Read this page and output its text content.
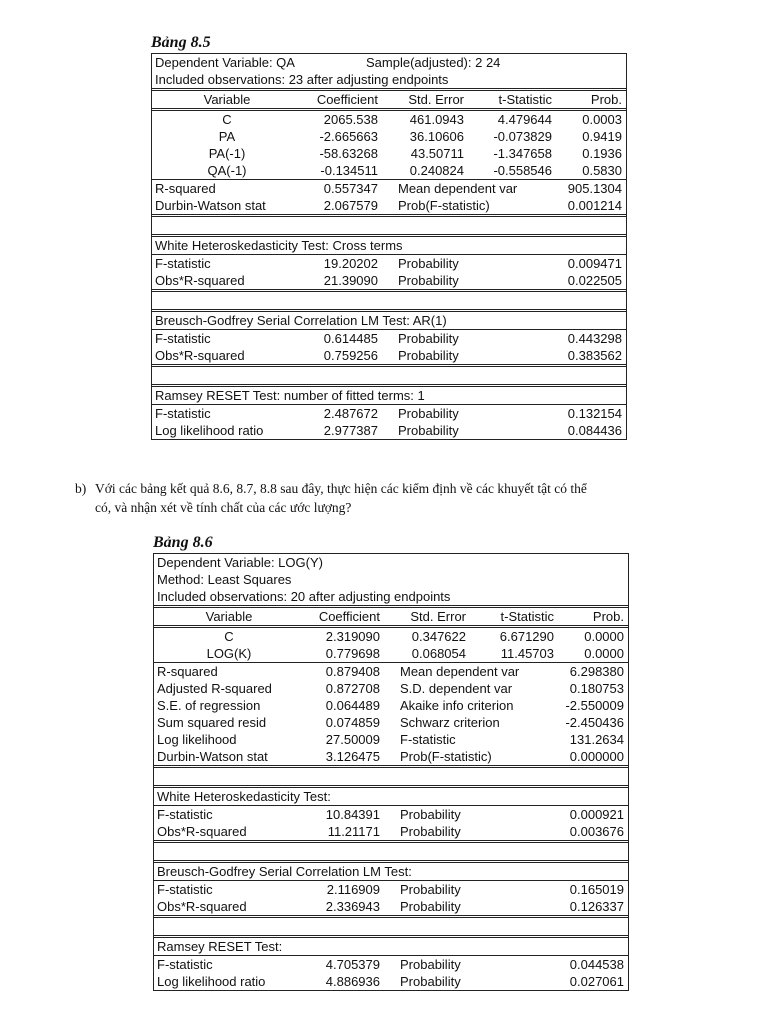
Bảng 8.5
Dependent Variable: QA	Sample(adjusted): 2 24
Included observations: 23 after adjusting endpoints
Variable	Coefficient	Std. Error	t-Statistic	Prob.
C	2065.538	461.0943	4.479644	0.0003
PA	-2.665663	36.10606	-0.073829	0.9419
PA(-1)	-58.63268	43.50711	-1.347658	0.1936
QA(-1)	-0.134511	0.240824	-0.558546	0.5830
R-squared	0.557347 Mean dependent var	905.1304
Durbin-Watson stat	2.067579 Prob(F-statistic)	0.001214
White Heteroskedasticity Test: Cross terms
F-statistic	19.20202 Probability	0.009471
Obs*R-squared	21.39090 Probability	0.022505
Breusch-Godfrey Serial Correlation LM Test: AR(1)
F-statistic	0.614485 Probability	0.443298
Obs*R-squared	0.759256 Probability	0.383562
Ramsey RESET Test: number of fitted terms: 1
F-statistic	2.487672 Probability	0.132154
Log likelihood ratio	2.977387 Probability	0.084436
b) Với các bảng kết quả 8.6, 8.7, 8.8 sau đây, thực hiện các kiểm định về các khuyết tật có thể
có, và nhận xét về tính chất của các ước lượng?
Bảng 8.6
Dependent Variable: LOG(Y)
Method: Least Squares
Included observations: 20 after adjusting endpoints
Variable	Coefficient	Std. Error	t-Statistic	Prob.
C	2.319090	0.347622	6.671290	0.0000
LOG(K)	0.779698	0.068054	11.45703	0.0000
R-squared	0.879408 Mean dependent var	6.298380
Adjusted R-squared	0.872708 S.D. dependent var	0.180753
S.E. of regression	0.064489 Akaike info criterion	-2.550009
Sum squared resid	0.074859 Schwarz criterion	-2.450436
Log likelihood	27.50009 F-statistic	131.2634
Durbin-Watson stat	3.126475 Prob(F-statistic)	0.000000
White Heteroskedasticity Test:
F-statistic	10.84391 Probability	0.000921
Obs*R-squared	11.21171 Probability	0.003676
Breusch-Godfrey Serial Correlation LM Test:
F-statistic	2.116909 Probability	0.165019
Obs*R-squared	2.336943 Probability	0.126337
Ramsey RESET Test:
F-statistic	4.705379 Probability	0.044538
Log likelihood ratio	4.886936 Probability	0.027061
